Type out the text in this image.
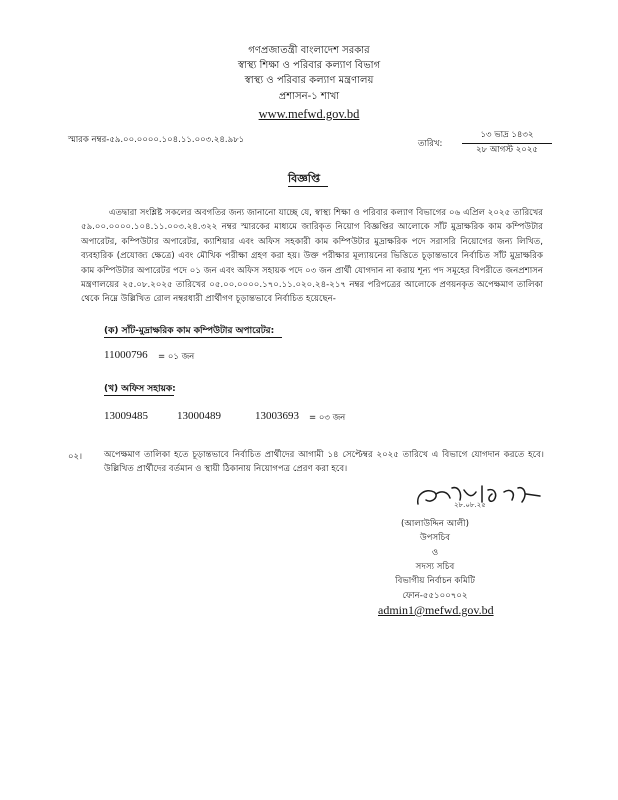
গণপ্রজাতন্ত্রী বাংলাদেশ সরকার
স্বাস্থ্য শিক্ষা ও পরিবার কল্যাণ বিভাগ
স্বাস্থ্য ও পরিবার কল্যাণ মন্ত্রণালয়
প্রশাসন-১ শাখা
www.mefwd.gov.bd
স্মারক নম্বর-৫৯.০০.০০০০.১০৪.১১.০০৩.২৪.৯৮১	তারিখ:
১৩ ভাদ্র ১৪৩২
২৮ আগস্ট ২০২৫
বিজ্ঞপ্তি
এতদ্বারা সংশ্লিষ্ট সকলের অবগতির জন্য জানানো যাচ্ছে যে, স্বাস্থ্য শিক্ষা ও পরিবার কল্যাণ বিভাগের ০৬ এপ্রিল ২০২৫ তারিখের ৫৯.০০.০০০০.১০৪.১১.০০৩.২৪.৩২২ নম্বর স্মারকের মাধ্যমে জারিকৃত নিয়োগ বিজ্ঞপ্তির আলোকে সাঁট মুদ্রাক্ষরিক কাম কম্পিউটার অপারেটর, কম্পিউটার অপারেটর, ক্যাশিয়ার এবং অফিস সহকারী কাম কম্পিউটার মুদ্রাক্ষরিক পদে সরাসরি নিয়োগের জন্য লিখিত, ব্যবহারিক (প্রযোজ্য ক্ষেত্রে) এবং মৌখিক পরীক্ষা গ্রহণ করা হয়। উক্ত পরীক্ষার মূল্যায়নের ভিত্তিতে চূড়ান্তভাবে নির্বাচিত সাঁট মুদ্রাক্ষরিক কাম কম্পিউটার অপারেটর পদে ০১ জন এবং অফিস সহায়ক পদে ০৩ জন প্রার্থী যোগদান না করায় শূন্য পদ সমূহের বিপরীতে জনপ্রশাসন মন্ত্রণালয়ের ২৫.০৮.২০২৫ তারিখের ০৫.০০.০০০০.১৭০.১১.০২০.২৪-২১৭ নম্বর পরিপত্রের আলোকে প্রণয়নকৃত অপেক্ষমাণ তালিকা থেকে নিম্নে উল্লিখিত রোল নম্বরধারী প্রার্থীগণ চূড়ান্তভাবে নির্বাচিত হয়েছেন-
(ক) সাঁট-মুদ্রাক্ষরিক কাম কম্পিউটার অপারেটর:
11000796 = ০১ জন
(খ) অফিস সহায়ক:
13009485	13000489	13003693 = ০৩ জন
০২।	অপেক্ষমাণ তালিকা হতে চূড়ান্তভাবে নির্বাচিত প্রার্থীদের আগামী ১৪ সেপ্টেম্বর ২০২৫ তারিখে এ বিভাগে যোগদান করতে হবে। উল্লিখিত প্রার্থীদের বর্তমান ও স্থায়ী ঠিকানায় নিয়োগপত্র প্রেরণ করা হবে।
২৮.০৮.২৫
(আলাউদ্দিন আলী)
উপসচিব
ও
সদস্য সচিব
বিভাগীয় নির্বাচন কমিটি
ফোন-৫৫১০০৭০২
admin1@mefwd.gov.bd
